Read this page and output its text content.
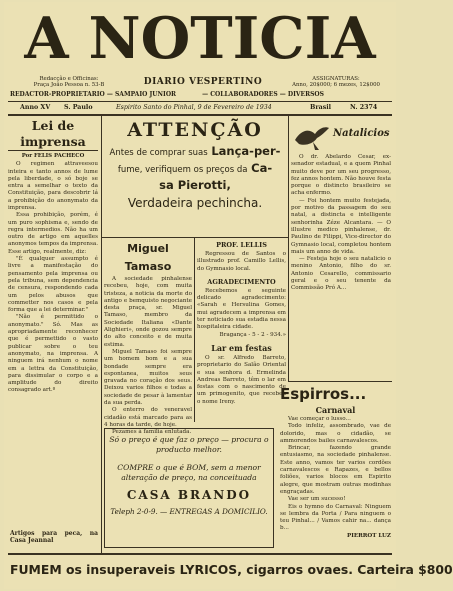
A NOTICIA
Redacção e Officinas:
Praça João Pessoa n. 53-B	DIARIO VESPERTINO	ASSIGNATURAS:
Anno, 20$000; 6 mezes, 12$000
REDACTOR-PROPRIETARIO — SAMPAIO JUNIOR	— COLLABORADORES — DIVERSOS
Anno XV S. Paulo	Espirito Santo do Pinhal, 9 de Fevereiro de 1934	Brasil	N. 2374
Lei de imprensa
Por FELIS PACHECO
O regimen attraveesou inteira e tanto annos de lume pela liberdade, o só boje se entra a semelhar o texto da Constituição, para descobrir lá a prohibição do anonymato da imprensa.
Essa prohibição, porém, é um puro sophisma e, sendo de regra intermedios. Não ha um outro de artigo em aquelles anonymos tempos da imprensa. Esse artigo, realmente, diz:
"É qualquer assumpto é livre a manifestação do pensamento pela imprensa ou pela tribuna, sem dependencia de censura, respondendo cada um pelos abusos que commetter nos casos e pela forma que a lei determinar."
"Não é permittido o anonymato." Só. Mas as apropriadamente reconhecer que é permettido o vasto publicar sobre o teu anonymato, na imprensa. A ninguem irá nenhum o nome em a lettra da Constituição, para dissimular o corpo e a amplitude do direito consagrado art.º
Artigos para peca, na Casa Jeannal
ATTENÇÃO
Antes de comprar suas Lança-per-
fume, verifiquem os preços da Ca-
sa Pierotti,
Verdadeira pechincha.
Miguel Tamaso
A sociedade pinhalense recebeu, hoje, com muita tristeza, a noticia da morte do antigo e bemquisto negociante desta praça, sr. Miguel Tamaso, membro da Sociedade Italiana «Dante Alighieri», onde gozou sempre do alto conceito e de muita estima.
Miguel Tamaso foi sempre um homem bom e a sua bondade sempre era espontanea, muitos seus gravada no coração dos seus. Deixou varios filhos e todas a sociedade de pesar à lamentar da sua perda.
O enterro do veneravel cidadão está marcado para as 4 horas da tarde, de hoje.
Pezames á familia enlutada.
PROF. LELLIS
Regressou de Santos o illustrado prof. Camillo Lellis, do Gymnasio local.
AGRADECIMENTO
Recebemos e seguinte delicado agradecimento: «Sarah e Hersulina Gomes, mui agradecem a imprensa em ter noticiado sua estadia nessa hospitaleira cidade.
Bragança - 5 - 2 - 934.»
Lar em festas
O sr. Alfredo Barreto, proprietario do Salão Oriental e sua senhora d. Ermelinda Andreas Barreto, têm o lar em festas com o nascimento de um primogenito, que recebeu o nome Ireny.
Natalicios
O dr. Abelardo Cesar, ex-senador estadual, e a quem Pinhal muito deve por um seu progresso, fez annos hontem. Não houve festa porque o distincto brasileiro se acha enfermo.
— Foi hontem muito festejada, por motivo da passagem do seu natal, a distincta e intelligente senhorinha Zéze Alcantara. — O illustre medico pinhalense, dr. Paulino de Filippi, Vice-director do Gymnasio local, completou hontem mais um anno de vida.
— Festeja hoje o seu natalicio o menino Antonio, filho do sr. Antonio Cesarello, commissario geral e o seu tenente da Commissão Pró A...
Espirros...
Carnaval
Vae começar o lusso...
Todo infeliz, assombrado, vae de dolorido, mas o cidadão, se ammorendos bailes carnavalescos.
Brincar, fazendo grande entusiasmo, na sociedade pinhalense. Este anno, vamos ter varios cordões carnavalescos e Rapazes, e bellos foliões, varios blocos em Espirito alegre, que mostram outras modinhas engraçadas.
Vae ser um sucesso!
Eis o hymno do Carnaval: Ninguem se lembra da Porta / Para ninguem o teu Pinhal... / Vamos cahir na... dança b...
PIERROT LUZ
Só o preço é que faz o preço — procura o producto melhor.
COMPRE o que é BOM, sem a menor alteração de preço, na conceituada
CASA BRANDO
Teleph 2-0-9. — ENTREGAS A DOMICILIO.
FUMEM os insuperaveis LYRICOS, cigarros ovaes. Carteira $800
